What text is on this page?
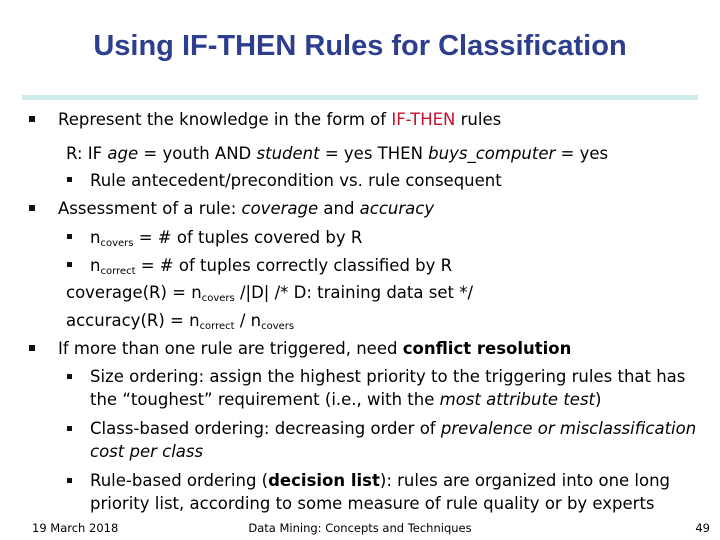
Using IF-THEN Rules for Classification
Represent the knowledge in the form of IF-THEN rules
R: IF age = youth AND student = yes THEN buys_computer = yes
Rule antecedent/precondition vs. rule consequent
Assessment of a rule: coverage and accuracy
$n_{covers}$ = # of tuples covered by R
$n_{correct}$ = # of tuples correctly classified by R
coverage(R) = $n_{covers}$ /|D| /* D: training data set */
accuracy(R) = $n_{correct} / n_{covers}$
If more than one rule are triggered, need conflict resolution
Size ordering: assign the highest priority to the triggering rules that has
the “toughest” requirement (i.e., with the most attribute test)
Class-based ordering: decreasing order of prevalence or misclassification
cost per class
Rule-based ordering (decision list): rules are organized into one long
priority list, according to some measure of rule quality or by experts
19 March 2018	Data Mining: Concepts and Techniques	49
